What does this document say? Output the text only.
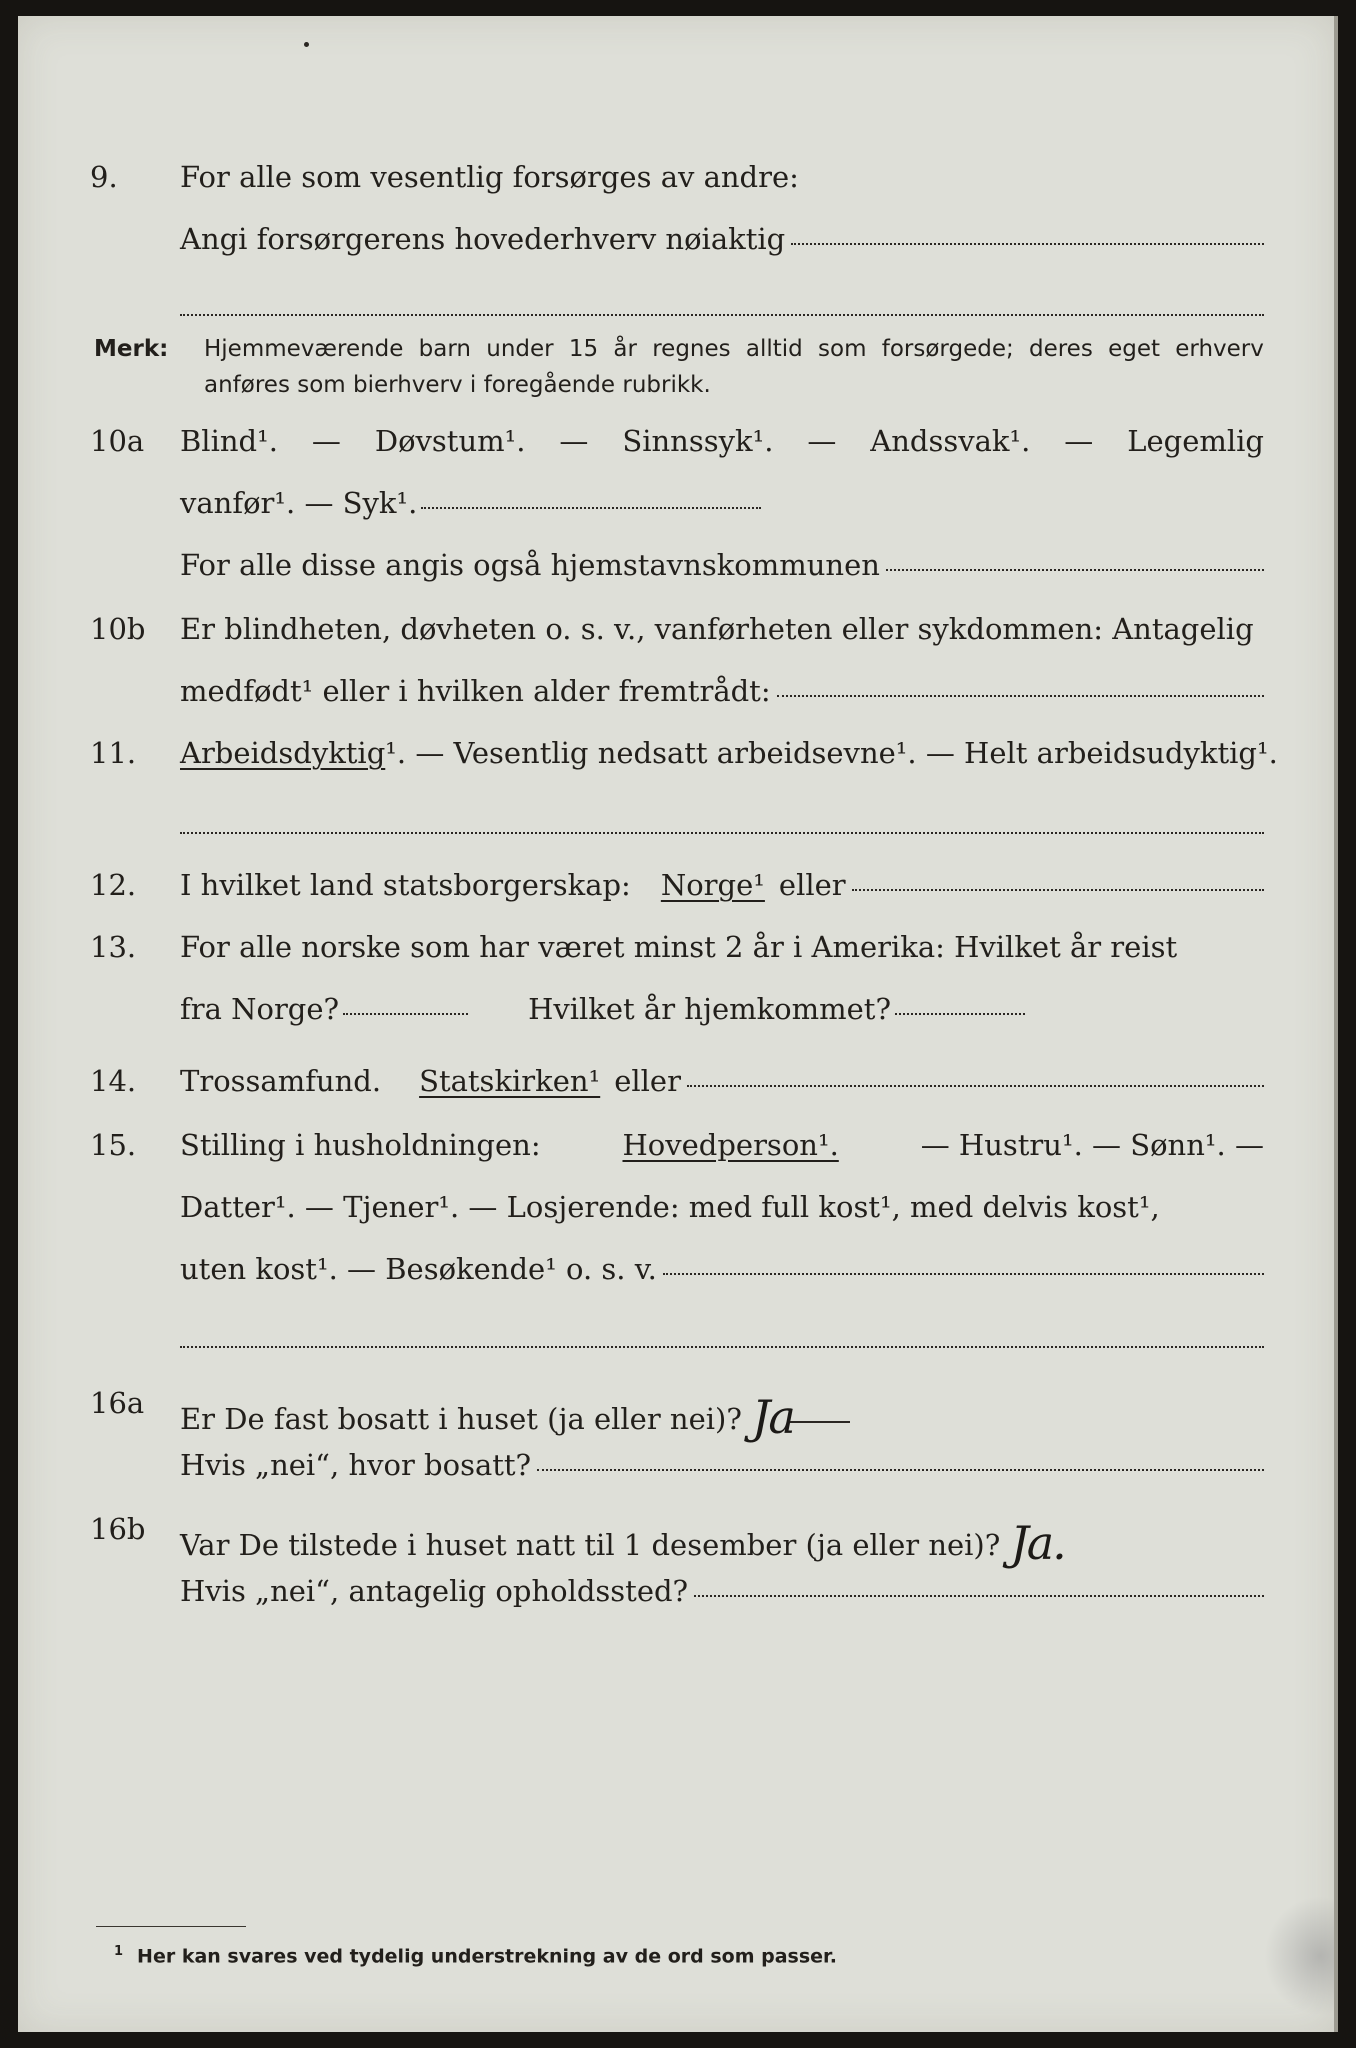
9.	For alle som vesentlig forsørges av andre:
Angi forsørgerens hovederhverv nøiaktig
Merk: Hjemmeværende barn under 15 år regnes alltid som forsørgede; deres eget erhverv
anføres som bierhverv i foregående rubrikk.
10a	Blind¹. — Døvstum¹. — Sinnssyk¹. — Andssvak¹. — Legemlig
vanfør¹. — Syk¹.
For alle disse angis også hjemstavnskommunen
10b	Er blindheten, døvheten o. s. v., vanførheten eller sykdommen: Antagelig
medfødt¹ eller i hvilken alder fremtrådt:
11.	Arbeidsdyktig ¹. — Vesentlig nedsatt arbeidsevne¹. — Helt arbeidsudyktig¹.
12.	I hvilket land statsborgerskap: Norge¹ eller
13.	For alle norske som har været minst 2 år i Amerika: Hvilket år reist
fra Norge?	Hvilket år hjemkommet?
14.	Trossamfund. Statskirken¹ eller
15.	Stilling i husholdningen:	Hovedperson¹.	— Hustru¹. — Sønn¹. —
Datter¹. — Tjener¹. — Losjerende: med full kost¹, med delvis kost¹,
uten kost¹. — Besøkende¹ o. s. v.
16a	Er De fast bosatt i huset (ja eller nei)? Ja
Hvis „nei“, hvor bosatt?
16b	Var De tilstede i huset natt til 1 desember (ja eller nei)? Ja.
Hvis „nei“, antagelig opholdssted?
$^1$ Her kan svares ved tydelig understrekning av de ord som passer.
